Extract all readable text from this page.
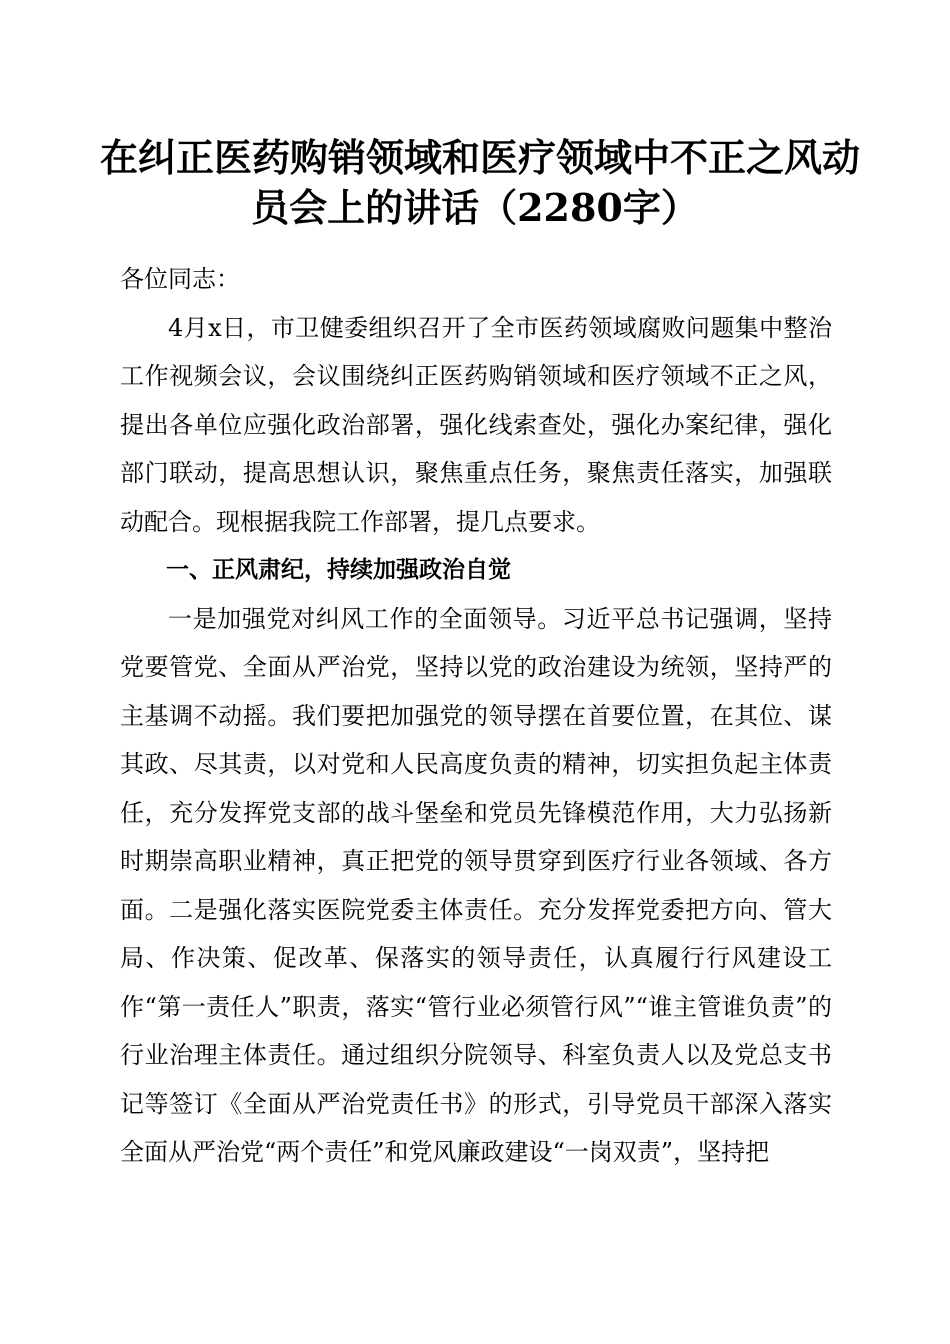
在纠正医药购销领域和医疗领域中不正之风动
员会上的讲话（2280字）

各位同志：

4月x日，市卫健委组织召开了全市医药领域腐败问题集中整治工作视频会议，会议围绕纠正医药购销领域和医疗领域不正之风，提出各单位应强化政治部署，强化线索查处，强化办案纪律，强化部门联动，提高思想认识，聚焦重点任务，聚焦责任落实，加强联动配合。现根据我院工作部署，提几点要求。

一、正风肃纪，持续加强政治自觉

一是加强党对纠风工作的全面领导。习近平总书记强调，坚持党要管党、全面从严治党，坚持以党的政治建设为统领，坚持严的主基调不动摇。我们要把加强党的领导摆在首要位置，在其位、谋其政、尽其责，以对党和人民高度负责的精神，切实担负起主体责任，充分发挥党支部的战斗堡垒和党员先锋模范作用，大力弘扬新时期崇高职业精神，真正把党的领导贯穿到医疗行业各领域、各方面。二是强化落实医院党委主体责任。充分发挥党委把方向、管大局、作决策、促改革、保落实的领导责任，认真履行行风建设工作“第一责任人”职责，落实“管行业必须管行风”“谁主管谁负责”的行业治理主体责任。通过组织分院领导、科室负责人以及党总支书记等签订《全面从严治党责任书》的形式，引导党员干部深入落实全面从严治党“两个责任”和党风廉政建设“一岗双责”，坚持把
